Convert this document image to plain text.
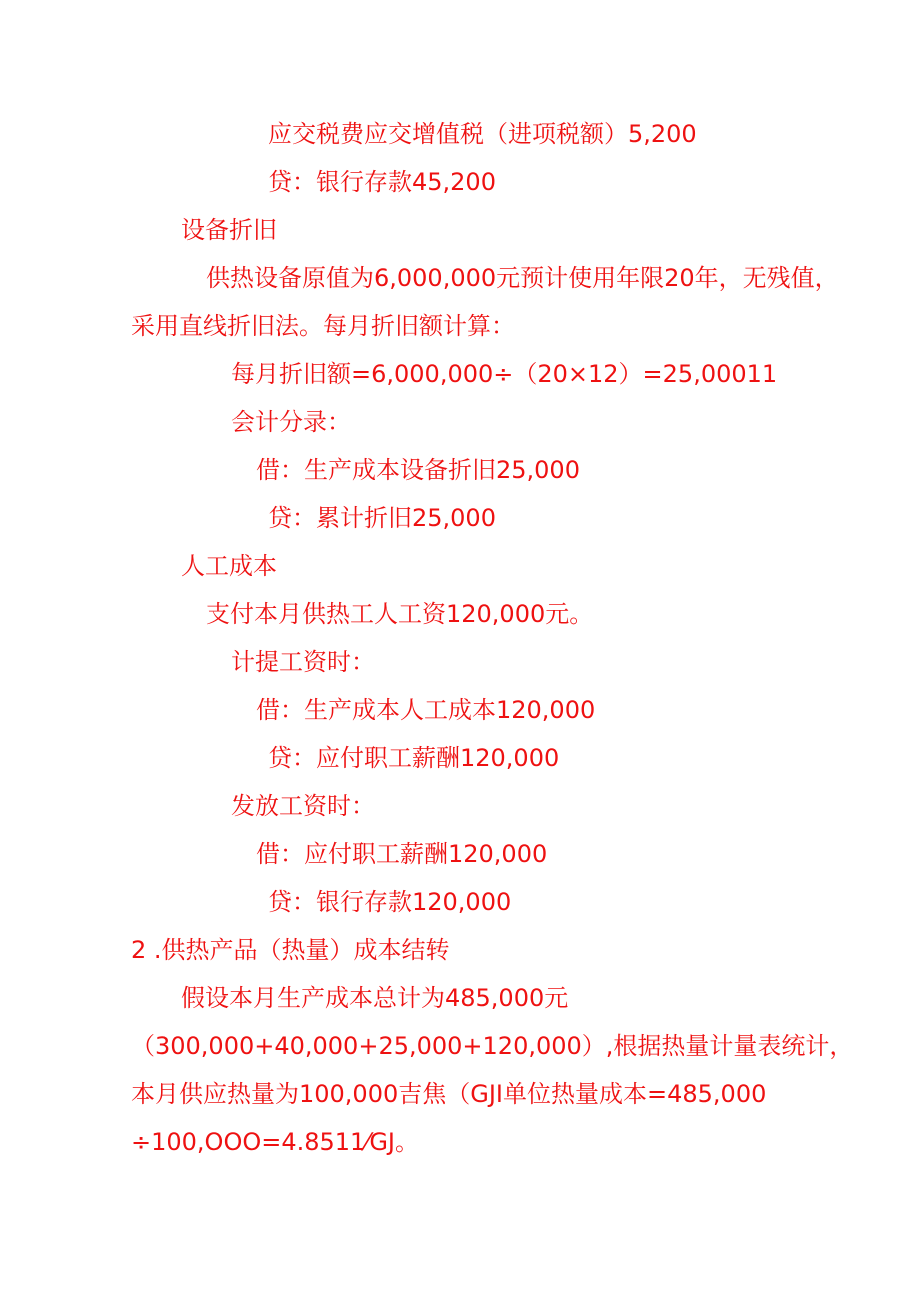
应交税费应交增值税（进项税额）5,200
贷：银行存款45,200
设备折旧
供热设备原值为6,000,000元预计使用年限20年，无残值，
采用直线折旧法。每月折旧额计算：
每月折旧额=6,000,000÷（20×12）=25,00011
会计分录：
借：生产成本设备折旧25,000
贷：累计折旧25,000
人工成本
支付本月供热工人工资120,000元。
计提工资时：
借：生产成本人工成本120,000
贷：应付职工薪酬120,000
发放工资时：
借：应付职工薪酬120,000
贷：银行存款120,000
2 .供热产品（热量）成本结转
假设本月生产成本总计为485,000元
（300,000+40,000+25,000+120,000）,根据热量计量表统计，
本月供应热量为100,000吉焦（GJI单位热量成本=485,000
÷100,OOO=4.8511⁄GJ。
